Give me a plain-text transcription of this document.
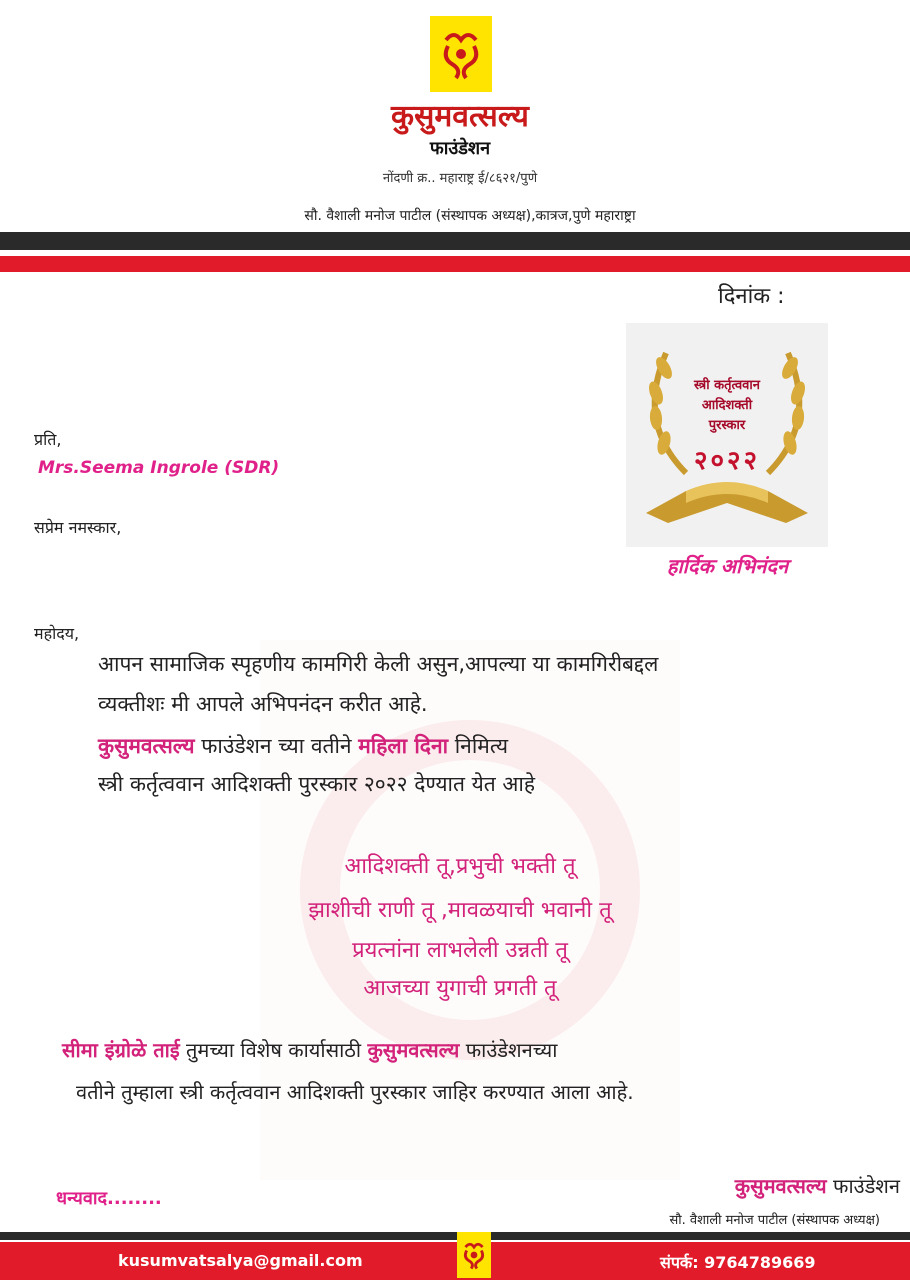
कुसुमवत्सल्य
फाउंडेशन
नोंदणी क्र.. महाराष्ट्र ई/८६२१/पुणे
सौ. वैशाली मनोज पाटील (संस्थापक अध्यक्ष),कात्रज,पुणे महाराष्ट्रा
दिनांक :
स्त्री कर्तृत्ववान
आदिशक्ती
पुरस्कार
२०२२
हार्दिक अभिनंदन
प्रति,
Mrs.Seema Ingrole (SDR)
सप्रेम नमस्कार,
महोदय,
आपन सामाजिक स्पृहणीय कामगिरी केली असुन,आपल्या या कामगिरीबद्दल
व्यक्तीशः मी आपले अभिपनंदन करीत आहे.
कुसुमवत्सल्य फाउंडेशन च्या वतीने महिला दिना निमित्य
स्त्री कर्तृत्ववान आदिशक्ती पुरस्कार २०२२ देण्यात येत आहे
आदिशक्ती तू,प्रभुची भक्ती तू
झाशीची राणी तू ,मावळयाची भवानी तू
प्रयत्नांना लाभलेली उन्नती तू
आजच्या युगाची प्रगती तू
सीमा इंग्रोळे ताई तुमच्या विशेष कार्यासाठी कुसुमवत्सल्य फाउंडेशनच्या
वतीने तुम्हाला स्त्री कर्तृत्ववान आदिशक्ती पुरस्कार जाहिर करण्यात आला आहे.
धन्यवाद........
कुसुमवत्सल्य फाउंडेशन
सौ. वैशाली मनोज पाटील (संस्थापक अध्यक्ष)
kusumvatsalya@gmail.com	संपर्क: 9764789669
